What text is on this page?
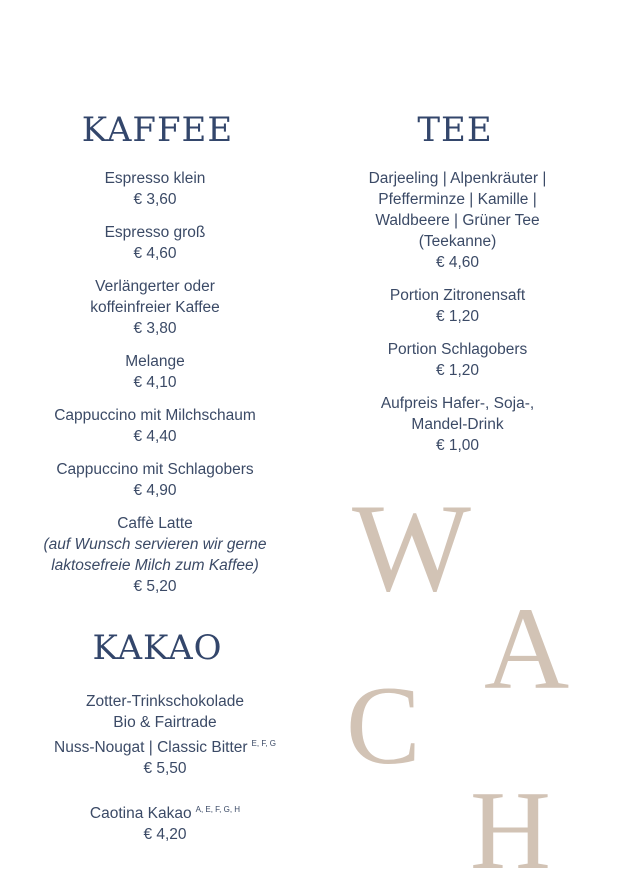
W
A
C
H
KAFFEE
Espresso klein
€ 3,60
Espresso groß
€ 4,60
Verlängerter oder
koffeinfreier Kaffee
€ 3,80
Melange
€ 4,10
Cappuccino mit Milchschaum
€ 4,40
Cappuccino mit Schlagobers
€ 4,90
Caffè Latte
(auf Wunsch servieren wir gerne
laktosefreie Milch zum Kaffee)
€ 5,20
TEE
Darjeeling | Alpenkräuter |
Pfefferminze | Kamille |
Waldbeere | Grüner Tee
(Teekanne)
€ 4,60
Portion Zitronensaft
€ 1,20
Portion Schlagobers
€ 1,20
Aufpreis Hafer-, Soja-,
Mandel-Drink
€ 1,00
KAKAO
Zotter-Trinkschokolade
Bio & Fairtrade
Nuss-Nougat | Classic Bitter $^{E, F, G}$
€ 5,50
Caotina Kakao $^{A, E, F, G, H}$
€ 4,20
